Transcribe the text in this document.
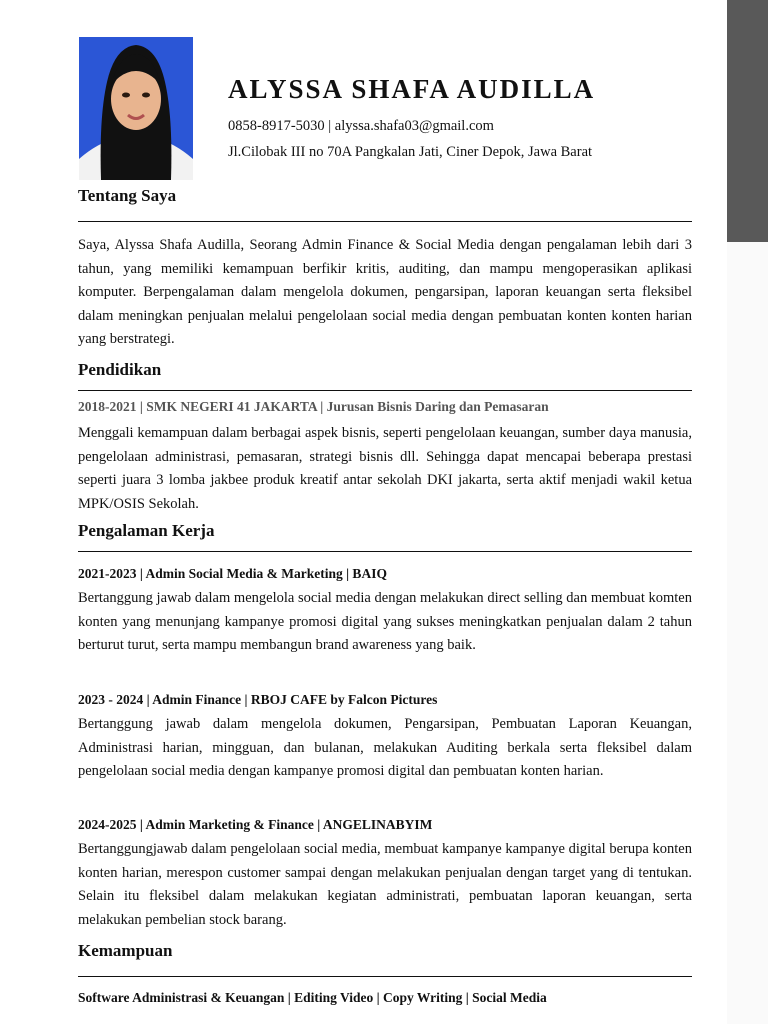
ALYSSA SHAFA AUDILLA
0858-8917-5030 | alyssa.shafa03@gmail.com
Jl.Cilobak III no 70A Pangkalan Jati, Ciner Depok, Jawa Barat
Tentang Saya

Saya, Alyssa Shafa Audilla, Seorang Admin Finance & Social Media dengan pengalaman lebih dari 3 tahun, yang memiliki kemampuan berfikir kritis, auditing, dan mampu mengoperasikan aplikasi komputer. Berpengalaman dalam mengelola dokumen, pengarsipan, laporan keuangan serta fleksibel dalam meningkan penjualan melalui pengelolaan social media dengan pembuatan konten konten harian yang berstrategi.

Pendidikan
2018-2021 | SMK NEGERI 41 JAKARTA | Jurusan Bisnis Daring dan Pemasaran

Menggali kemampuan dalam berbagai aspek bisnis, seperti pengelolaan keuangan, sumber daya manusia, pengelolaan administrasi, pemasaran, strategi bisnis dll. Sehingga dapat mencapai beberapa prestasi seperti juara 3 lomba jakbee produk kreatif antar sekolah DKI jakarta, serta aktif menjadi wakil ketua MPK/OSIS Sekolah.

Pengalaman Kerja
2021-2023 | Admin Social Media & Marketing | BAIQ

Bertanggung jawab dalam mengelola social media dengan melakukan direct selling dan membuat komten konten yang menunjang kampanye promosi digital yang sukses meningkatkan penjualan dalam 2 tahun berturut turut, serta mampu membangun brand awareness yang baik.

2023 - 2024 | Admin Finance | RBOJ CAFE by Falcon Pictures

Bertanggung jawab dalam mengelola dokumen, Pengarsipan, Pembuatan Laporan Keuangan, Administrasi harian, mingguan, dan bulanan, melakukan Auditing berkala serta fleksibel dalam pengelolaan social media dengan kampanye promosi digital dan pembuatan konten harian.

2024-2025 | Admin Marketing & Finance | ANGELINABYIM

Bertanggungjawab dalam pengelolaan social media, membuat kampanye kampanye digital berupa konten konten harian, merespon customer sampai dengan melakukan penjualan dengan target yang di tentukan. Selain itu fleksibel dalam melakukan kegiatan administrati, pembuatan laporan keuangan, serta melakukan pembelian stock barang.

Kemampuan
Software Administrasi & Keuangan | Editing Video | Copy Writing | Social Media
